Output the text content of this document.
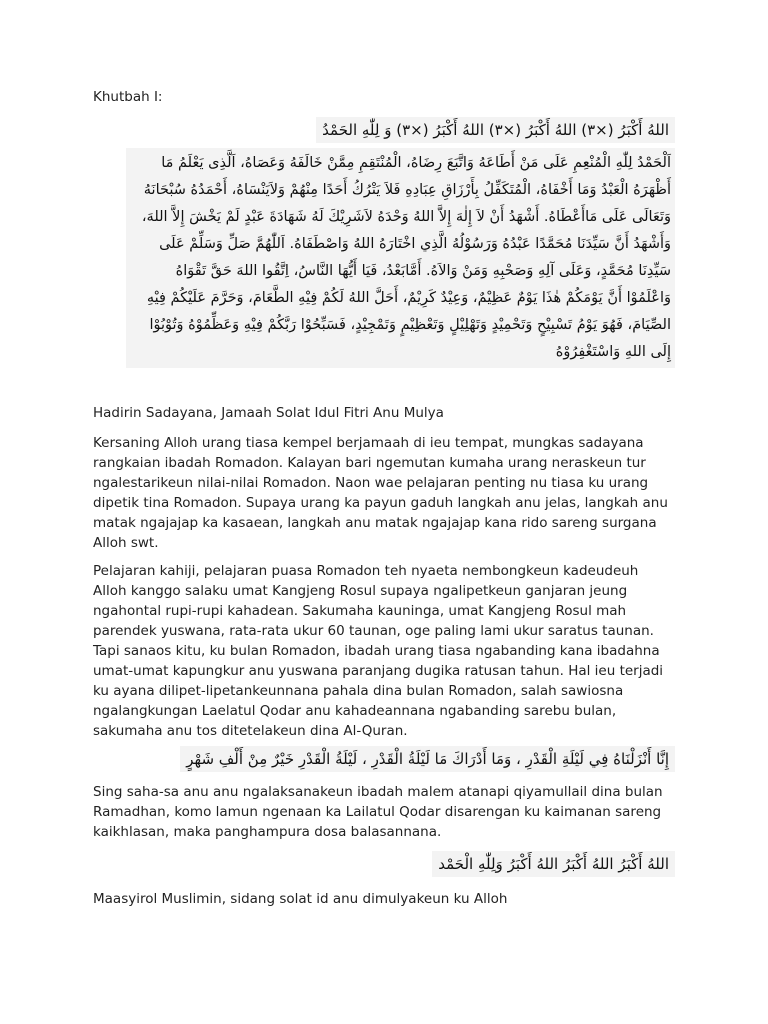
Khutbah I:
اللهُ أَكْبَرُ (×٣) اللهُ أَكْبَرُ (×٣) اللهُ أَكْبَرُ (×٣) وَ لِلّٰهِ الحَمْدُ
اَلْحَمْدُ لِلّٰهِ الْمُنْعِمِ عَلَى مَنْ أَطَاعَهُ وَاتَّبَعَ رِضَاهُ، الْمُنْتَقِمِ مِمَّنْ خَالَفَهُ وَعَصَاهُ، اَلَّذِى يَعْلَمُ مَا أَظْهَرَهُ الْعَبْدُ وَمَا أَخْفَاهُ، الْمُتَكَفِّلُ بِأَرْزَاقِ عِبَادِهِ فَلاَ يَتْرُكُ أَحَدًا مِنْهُمْ وَلاَيَنْسَاهُ، أَحْمَدُهُ سُبْحَانَهُ وَتَعَالَى عَلَى مَاأَعْطَاهُ. أَشْهَدُ أَنْ لاَ إِلٰهَ إِلاَّ اللهُ وَحْدَهُ لاَشَرِيْكَ لَهُ شَهَادَةَ عَبْدٍ لَمْ يَخْشَ إِلاَّ اللهَ، وَأَشْهَدُ أَنَّ سَيِّدَنَا مُحَمَّدًا عَبْدُهُ وَرَسُوْلُهُ الَّذِي اخْتَارَهُ اللهُ وَاصْطَفَاهُ. اَللّٰهُمَّ صَلِّ وَسَلِّمْ عَلَى سَيِّدِنَا مُحَمَّدٍ، وَعَلَى آلِهِ وَصَحْبِهِ وَمَنْ وَالاَهُ. أَمَّابَعْدُ، فَيَا أَيُّهَا النَّاسُ، اِتَّقُوا اللهَ حَقَّ تَقْوَاهُ وَاعْلَمُوْا أَنَّ يَوْمَكُمْ هٰذَا يَوْمٌ عَظِيْمٌ، وَعِيْدٌ كَرِيْمٌ، أَحَلَّ اللهُ لَكُمْ فِيْهِ الطَّعَامَ، وَحَرَّمَ عَلَيْكُمْ فِيْهِ الصِّيَامَ، فَهُوَ يَوْمُ تَسْبِيْحٍ وَتَحْمِيْدٍ وَتَهْلِيْلٍ وَتَعْظِيْمٍ وَتَمْجِيْدٍ، فَسَبِّحُوْا رَبَّكُمْ فِيْهِ وَعَظِّمُوْهُ وَتُوْبُوْا إِلَى اللهِ وَاسْتَغْفِرُوْهُ

Hadirin Sadayana, Jamaah Solat Idul Fitri Anu Mulya

Kersaning Alloh urang tiasa kempel berjamaah di ieu tempat, mungkas sadayana rangkaian ibadah Romadon. Kalayan bari ngemutan kumaha urang neraskeun tur ngalestarikeun nilai-nilai Romadon. Naon wae pelajaran penting nu tiasa ku urang dipetik tina Romadon. Supaya urang ka payun gaduh langkah anu jelas, langkah anu matak ngajajap ka kasaean, langkah anu matak ngajajap kana rido sareng surgana Alloh swt.

Pelajaran kahiji, pelajaran puasa Romadon teh nyaeta nembongkeun kadeudeuh Alloh kanggo salaku umat Kangjeng Rosul supaya ngalipetkeun ganjaran jeung ngahontal rupi-rupi kahadean. Sakumaha kauninga, umat Kangjeng Rosul mah parendek yuswana, rata-rata ukur 60 taunan, oge paling lami ukur saratus taunan. Tapi sanaos kitu, ku bulan Romadon, ibadah urang tiasa ngabanding kana ibadahna umat-umat kapungkur anu yuswana paranjang dugika ratusan tahun. Hal ieu terjadi ku ayana dilipet-lipetankeunnana pahala dina bulan Romadon, salah sawiosna ngalangkungan Laelatul Qodar anu kahadeannana ngabanding sarebu bulan, sakumaha anu tos ditetelakeun dina Al-Quran.

إِنَّا أَنْزَلْنَاهُ فِي لَيْلَةِ الْقَدْرِ ، وَمَا أَدْرَاكَ مَا لَيْلَةُ الْقَدْرِ ، لَيْلَةُ الْقَدْرِ خَيْرٌ مِنْ أَلْفِ شَهْرٍ

Sing saha-sa anu anu ngalaksanakeun ibadah malem atanapi qiyamullail dina bulan Ramadhan, komo lamun ngenaan ka Lailatul Qodar disarengan ku kaimanan sareng kaikhlasan, maka panghampura dosa balasannana.

اللهُ أَكْبَرُ اللهُ أَكْبَرُ اللهُ أَكْبَرُ وَلِلّٰهِ الْحَمْد

Maasyirol Muslimin, sidang solat id anu dimulyakeun ku Alloh
